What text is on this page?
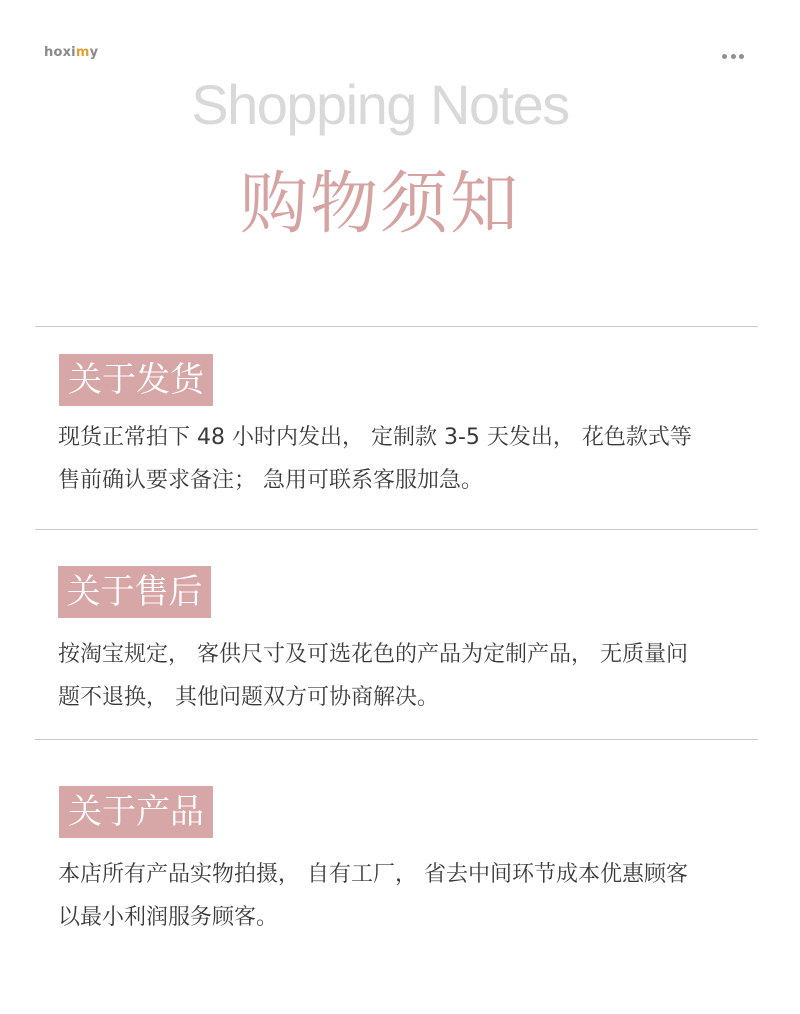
hoximy
Shopping Notes
购物须知
关于发货
现货正常拍下 48 小时内发出， 定制款 3-5 天发出， 花色款式等
售前确认要求备注； 急用可联系客服加急。
关于售后
按淘宝规定， 客供尺寸及可选花色的产品为定制产品， 无质量问
题不退换， 其他问题双方可协商解决。
关于产品
本店所有产品实物拍摄， 自有工厂， 省去中间环节成本优惠顾客
以最小利润服务顾客。
